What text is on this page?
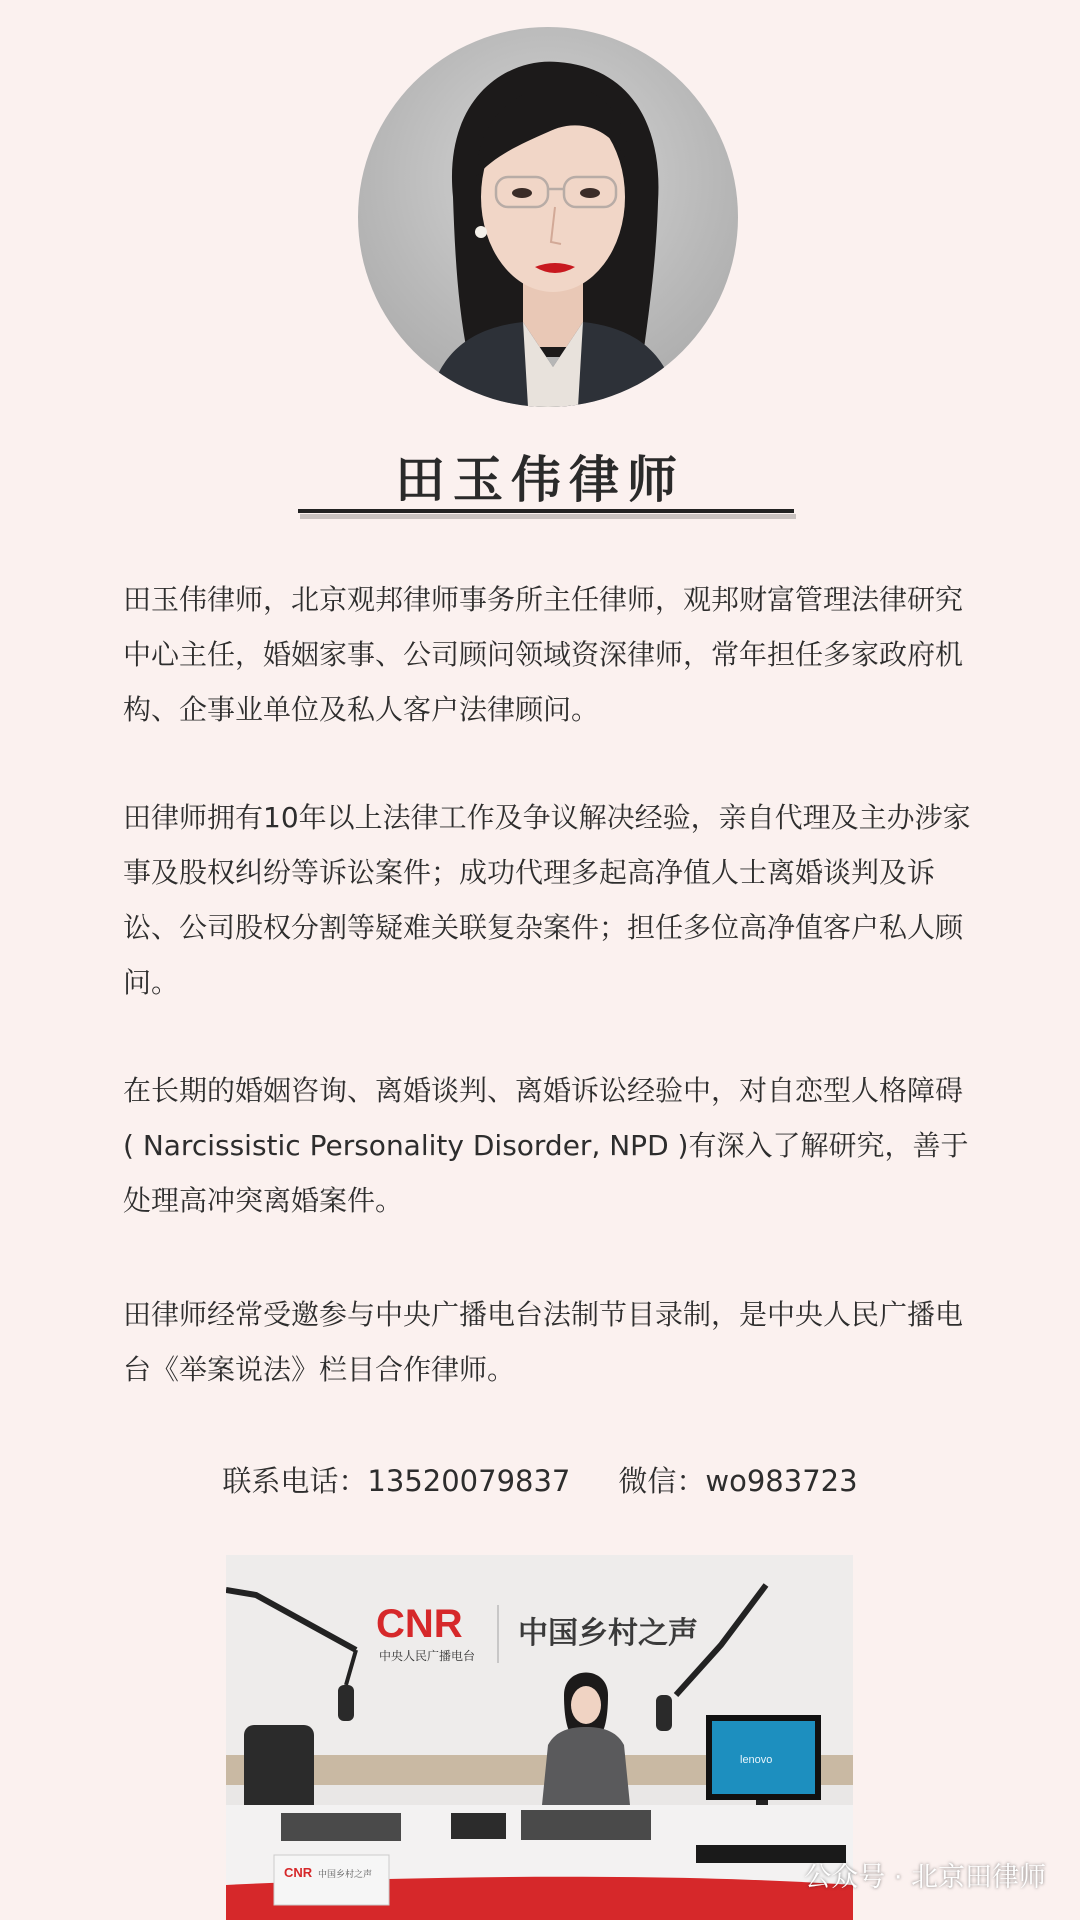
田玉伟律师

田玉伟律师，北京观邦律师事务所主任律师，观邦财富管理法律研究中心主任，婚姻家事、公司顾问领域资深律师，常年担任多家政府机构、企事业单位及私人客户法律顾问。

田律师拥有10年以上法律工作及争议解决经验，亲自代理及主办涉家事及股权纠纷等诉讼案件；成功代理多起高净值人士离婚谈判及诉讼、公司股权分割等疑难关联复杂案件；担任多位高净值客户私人顾问。

在长期的婚姻咨询、离婚谈判、离婚诉讼经验中，对自恋型人格障碍 ( Narcissistic Personality Disorder, NPD )有深入了解研究，善于处理高冲突离婚案件。

田律师经常受邀参与中央广播电台法制节目录制，是中央人民广播电台《举案说法》栏目合作律师。

联系电话：13520079837 微信：wo983723
CNR
中央人民广播电台
中国乡村之声
lenovo
CNR 中国乡村之声	公众号 · 北京田律师
